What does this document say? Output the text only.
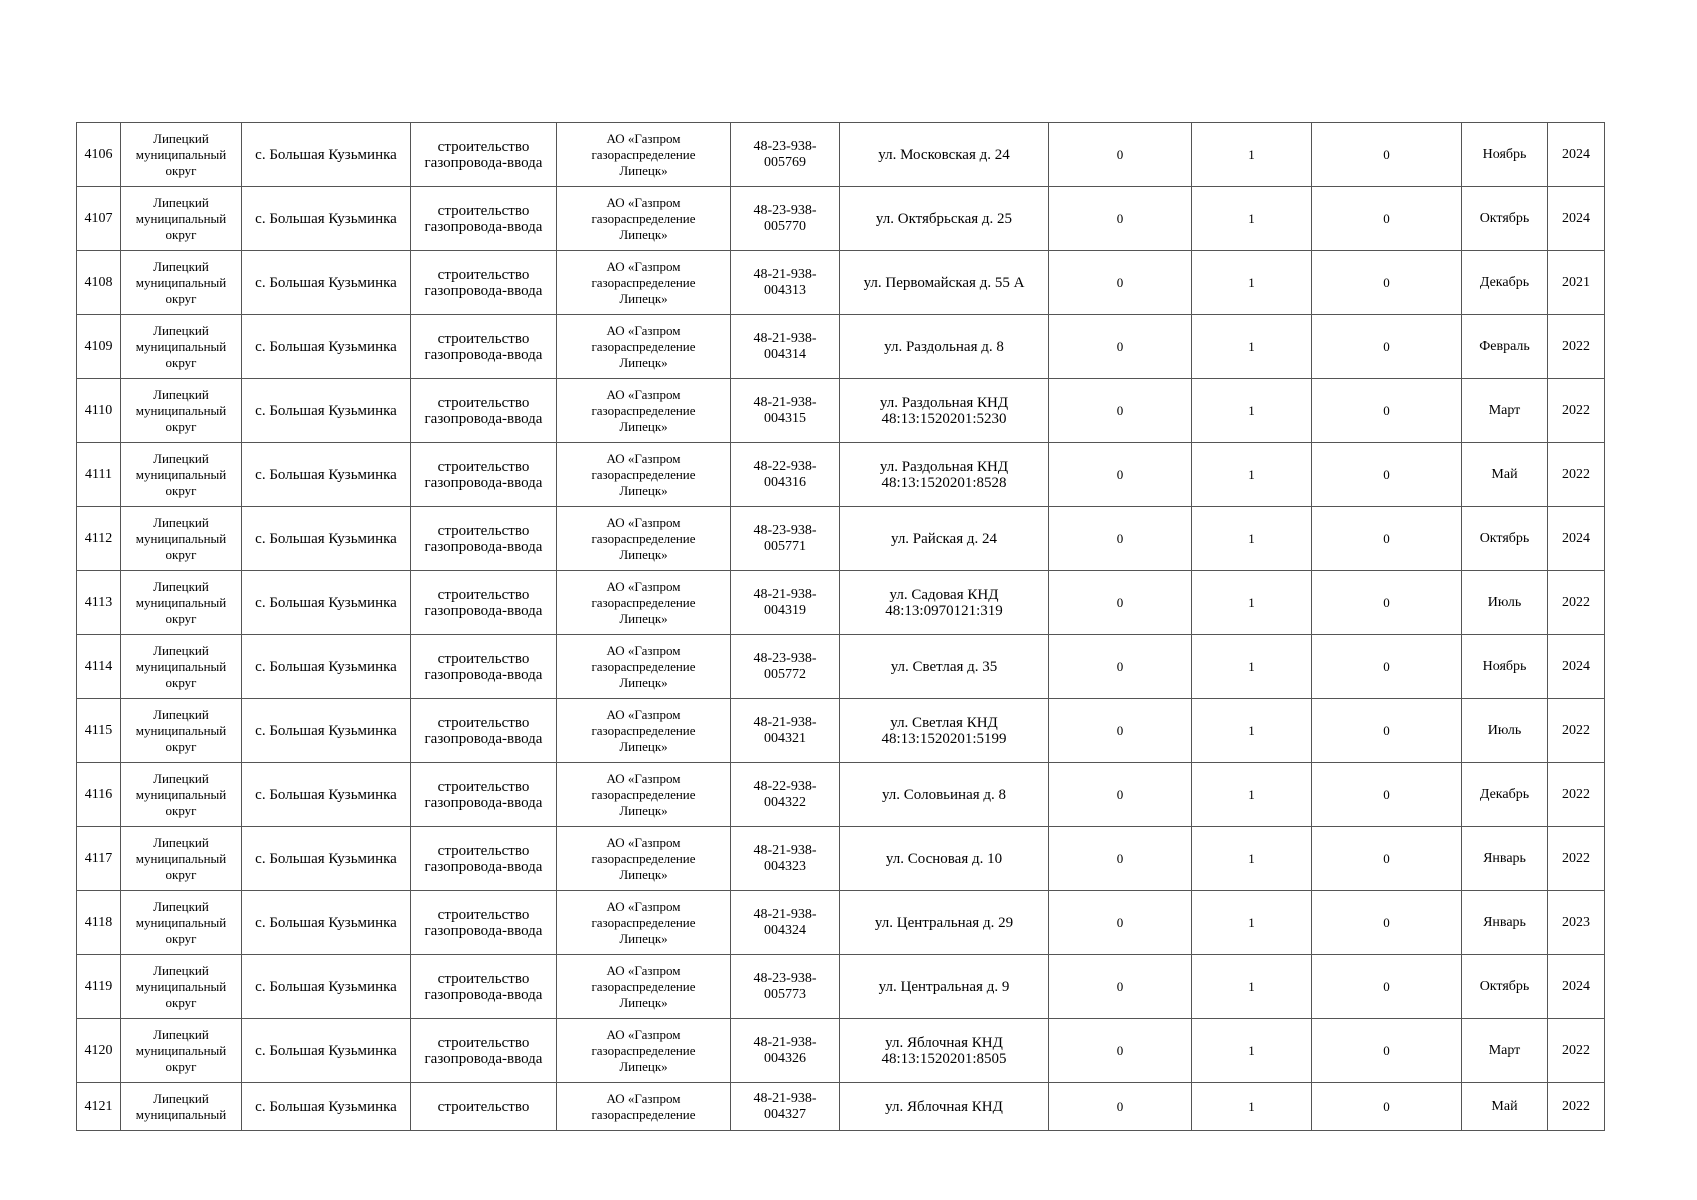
4106	Липецкий
муниципальный
округ	с. Большая Кузьминка	строительство
газопровода-ввода	АО «Газпром
газораспределение
Липецк»	48-23-938-
005769	ул. Московская д. 24	0	1	0	Ноябрь	2024
4107	Липецкий
муниципальный
округ	с. Большая Кузьминка	строительство
газопровода-ввода	АО «Газпром
газораспределение
Липецк»	48-23-938-
005770	ул. Октябрьская д. 25	0	1	0	Октябрь	2024
4108	Липецкий
муниципальный
округ	с. Большая Кузьминка	строительство
газопровода-ввода	АО «Газпром
газораспределение
Липецк»	48-21-938-
004313	ул. Первомайская д. 55 А	0	1	0	Декабрь	2021
4109	Липецкий
муниципальный
округ	с. Большая Кузьминка	строительство
газопровода-ввода	АО «Газпром
газораспределение
Липецк»	48-21-938-
004314	ул. Раздольная д. 8	0	1	0	Февраль	2022
4110	Липецкий
муниципальный
округ	с. Большая Кузьминка	строительство
газопровода-ввода	АО «Газпром
газораспределение
Липецк»	48-21-938-
004315	ул. Раздольная КНД
48:13:1520201:5230	0	1	0	Март	2022
4111	Липецкий
муниципальный
округ	с. Большая Кузьминка	строительство
газопровода-ввода	АО «Газпром
газораспределение
Липецк»	48-22-938-
004316	ул. Раздольная КНД
48:13:1520201:8528	0	1	0	Май	2022
4112	Липецкий
муниципальный
округ	с. Большая Кузьминка	строительство
газопровода-ввода	АО «Газпром
газораспределение
Липецк»	48-23-938-
005771	ул. Райская д. 24	0	1	0	Октябрь	2024
4113	Липецкий
муниципальный
округ	с. Большая Кузьминка	строительство
газопровода-ввода	АО «Газпром
газораспределение
Липецк»	48-21-938-
004319	ул. Садовая КНД
48:13:0970121:319	0	1	0	Июль	2022
4114	Липецкий
муниципальный
округ	с. Большая Кузьминка	строительство
газопровода-ввода	АО «Газпром
газораспределение
Липецк»	48-23-938-
005772	ул. Светлая д. 35	0	1	0	Ноябрь	2024
4115	Липецкий
муниципальный
округ	с. Большая Кузьминка	строительство
газопровода-ввода	АО «Газпром
газораспределение
Липецк»	48-21-938-
004321	ул. Светлая КНД
48:13:1520201:5199	0	1	0	Июль	2022
4116	Липецкий
муниципальный
округ	с. Большая Кузьминка	строительство
газопровода-ввода	АО «Газпром
газораспределение
Липецк»	48-22-938-
004322	ул. Соловьиная д. 8	0	1	0	Декабрь	2022
4117	Липецкий
муниципальный
округ	с. Большая Кузьминка	строительство
газопровода-ввода	АО «Газпром
газораспределение
Липецк»	48-21-938-
004323	ул. Сосновая д. 10	0	1	0	Январь	2022
4118	Липецкий
муниципальный
округ	с. Большая Кузьминка	строительство
газопровода-ввода	АО «Газпром
газораспределение
Липецк»	48-21-938-
004324	ул. Центральная д. 29	0	1	0	Январь	2023
4119	Липецкий
муниципальный
округ	с. Большая Кузьминка	строительство
газопровода-ввода	АО «Газпром
газораспределение
Липецк»	48-23-938-
005773	ул. Центральная д. 9	0	1	0	Октябрь	2024
4120	Липецкий
муниципальный
округ	с. Большая Кузьминка	строительство
газопровода-ввода	АО «Газпром
газораспределение
Липецк»	48-21-938-
004326	ул. Яблочная КНД
48:13:1520201:8505	0	1	0	Март	2022

4121	Липецкий
муниципальный	с. Большая Кузьминка	строительство	АО «Газпром
газораспределение	48-21-938-
004327	ул. Яблочная КНД	0	1	0	Май	2022
